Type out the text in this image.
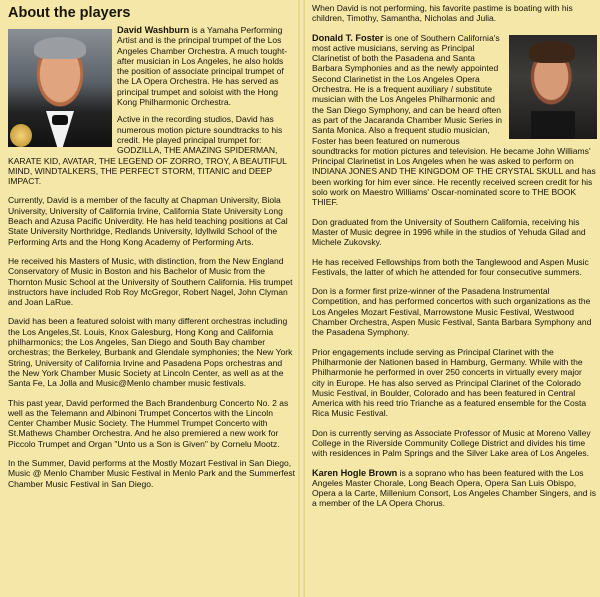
About the players

David Washburn is a Yamaha Performing Artist and is the principal trumpet of the Los Angeles Chamber Orchestra. A much tought-after musician in Los Angeles, he also holds the position of associate principal trumpet of the LA Opera Orchestra. He has served as principal trumpet and soloist with the Hong Kong Philharmonic Orchestra.

Active in the recording studios, David has numerous motion picture soundtracks to his credit. He played principal trumpet for: GODZILLA, THE AMAZING SPIDERMAN, KARATE KID, AVATAR, THE LEGEND OF ZORRO, TROY, A BEAUTIFUL MIND, WINDTALKERS, THE PERFECT STORM, TITANIC and DEEP IMPACT.

Currently, David is a member of the faculty at Chapman University, Biola University, University of California Irvine, California State University Long Beach and Azusa Pacific Univerdity. He has held teaching positions at Cal State University Northridge, Redlands University, Idyllwild School of the Performing Arts and the Hong Kong Academy of Performing Arts.

He received his Masters of Music, with distinction, from the New England Conservatory of Music in Boston and his Bachelor of Music from the Thornton Music School at the University of Southern California. His trumpet instructors have included Rob Roy McGregor, Robert Nagel, John Clyman and Joan LaRue.

David has been a featured soloist with many different orchestras including the Los Angeles,St. Louis, Knox Galesburg, Hong Kong and California philharmonics; the Los Angeles, San Diego and South Bay chamber orchestras; the Berkeley, Burbank and Glendale symphonies; the New York String, University of California Irvine and Pasadena Pops orchestras and the New York Chamber Music Society at Lincoln Center, as well as at the Santa Fe, La Jolla and Music@Menlo chamber music festivals.

This past year, David performed the Bach Brandenburg Concerto No. 2 as well as the Telemann and Albinoni Trumpet Concertos with the Lincoln Center Chamber Music Society. The Hummel Trumpet Concerto with St.Mathews Chamber Orchestra. And he also premiered a new work for Piccolo Trumpet and Organ "Unto us a Son is Given" by Cornelu Mootz.

In the Summer, David performs at the Mostly Mozart Festival in San Diego, Music @ Menlo Chamber Music Festival in Menlo Park and the Summerfest Chamber Music Festival in San Diego.

When David is not performing, his favorite pastime is boating with his children, Timothy, Samantha, Nicholas and Julia.

Donald T. Foster is one of Southern California's most active musicians, serving as Principal Clarinetist of both the Pasadena and Santa Barbara Symphonies and as the newly appointed Second Clarinetist in the Los Angeles Opera Orchestra. He is a frequent auxiliary / substitute musician with the Los Angeles Philharmonic and the San Diego Symphony, and can be heard often as part of the Jacaranda Chamber Music Series in Santa Monica. Also a frequent studio musician, Foster has been featured on numerous soundtracks for motion pictures and television. He became John Williams' Principal Clarinetist in Los Angeles when he was asked to perform on INDIANA JONES AND THE KINGDOM OF THE CRYSTAL SKULL and has been working for him ever since. He recently received screen credit for his solo work on Maestro Williams' Oscar-nominated score to THE BOOK THIEF.

Don graduated from the University of Southern California, receiving his Master of Music degree in 1996 while in the studios of Yehuda Gilad and Michele Zukovsky.

He has received Fellowships from both the Tanglewood and Aspen Music Festivals, the latter of which he attended for four consecutive summers.

Don is a former first prize-winner of the Pasadena Instrumental Competition, and has performed concertos with such organizations as the Los Angeles Mozart Festival, Marrowstone Music Festival, Westwood Chamber Orchestra, Aspen Music Festival, Santa Barbara Symphony and the Pasadena Symphony.

Prior engagements include serving as Principal Clarinet with the Philharmonie der Nationen based in Hamburg, Germany. While with the Philharmonie he performed in over 250 concerts in virtually every major city in Europe. He has also served as Principal Clarinet of the Colorado Music Festival, in Boulder, Colorado and has been featured in Central America with his reed trio Trianche as a featured ensemble for the Costa Rica Music Festival.

Don is currently serving as Associate Professor of Music at Moreno Valley College in the Riverside Community College District and divides his time with residences in Palm Springs and the Silver Lake area of Los Angeles.

Karen Hogle Brown is a soprano who has been featured with the Los Angeles Master Chorale, Long Beach Opera, Opera San Luis Obispo, Opera a la Carte, Millenium Consort, Los Angeles Chamber Singers, and is a member of the LA Opera Chorus.
